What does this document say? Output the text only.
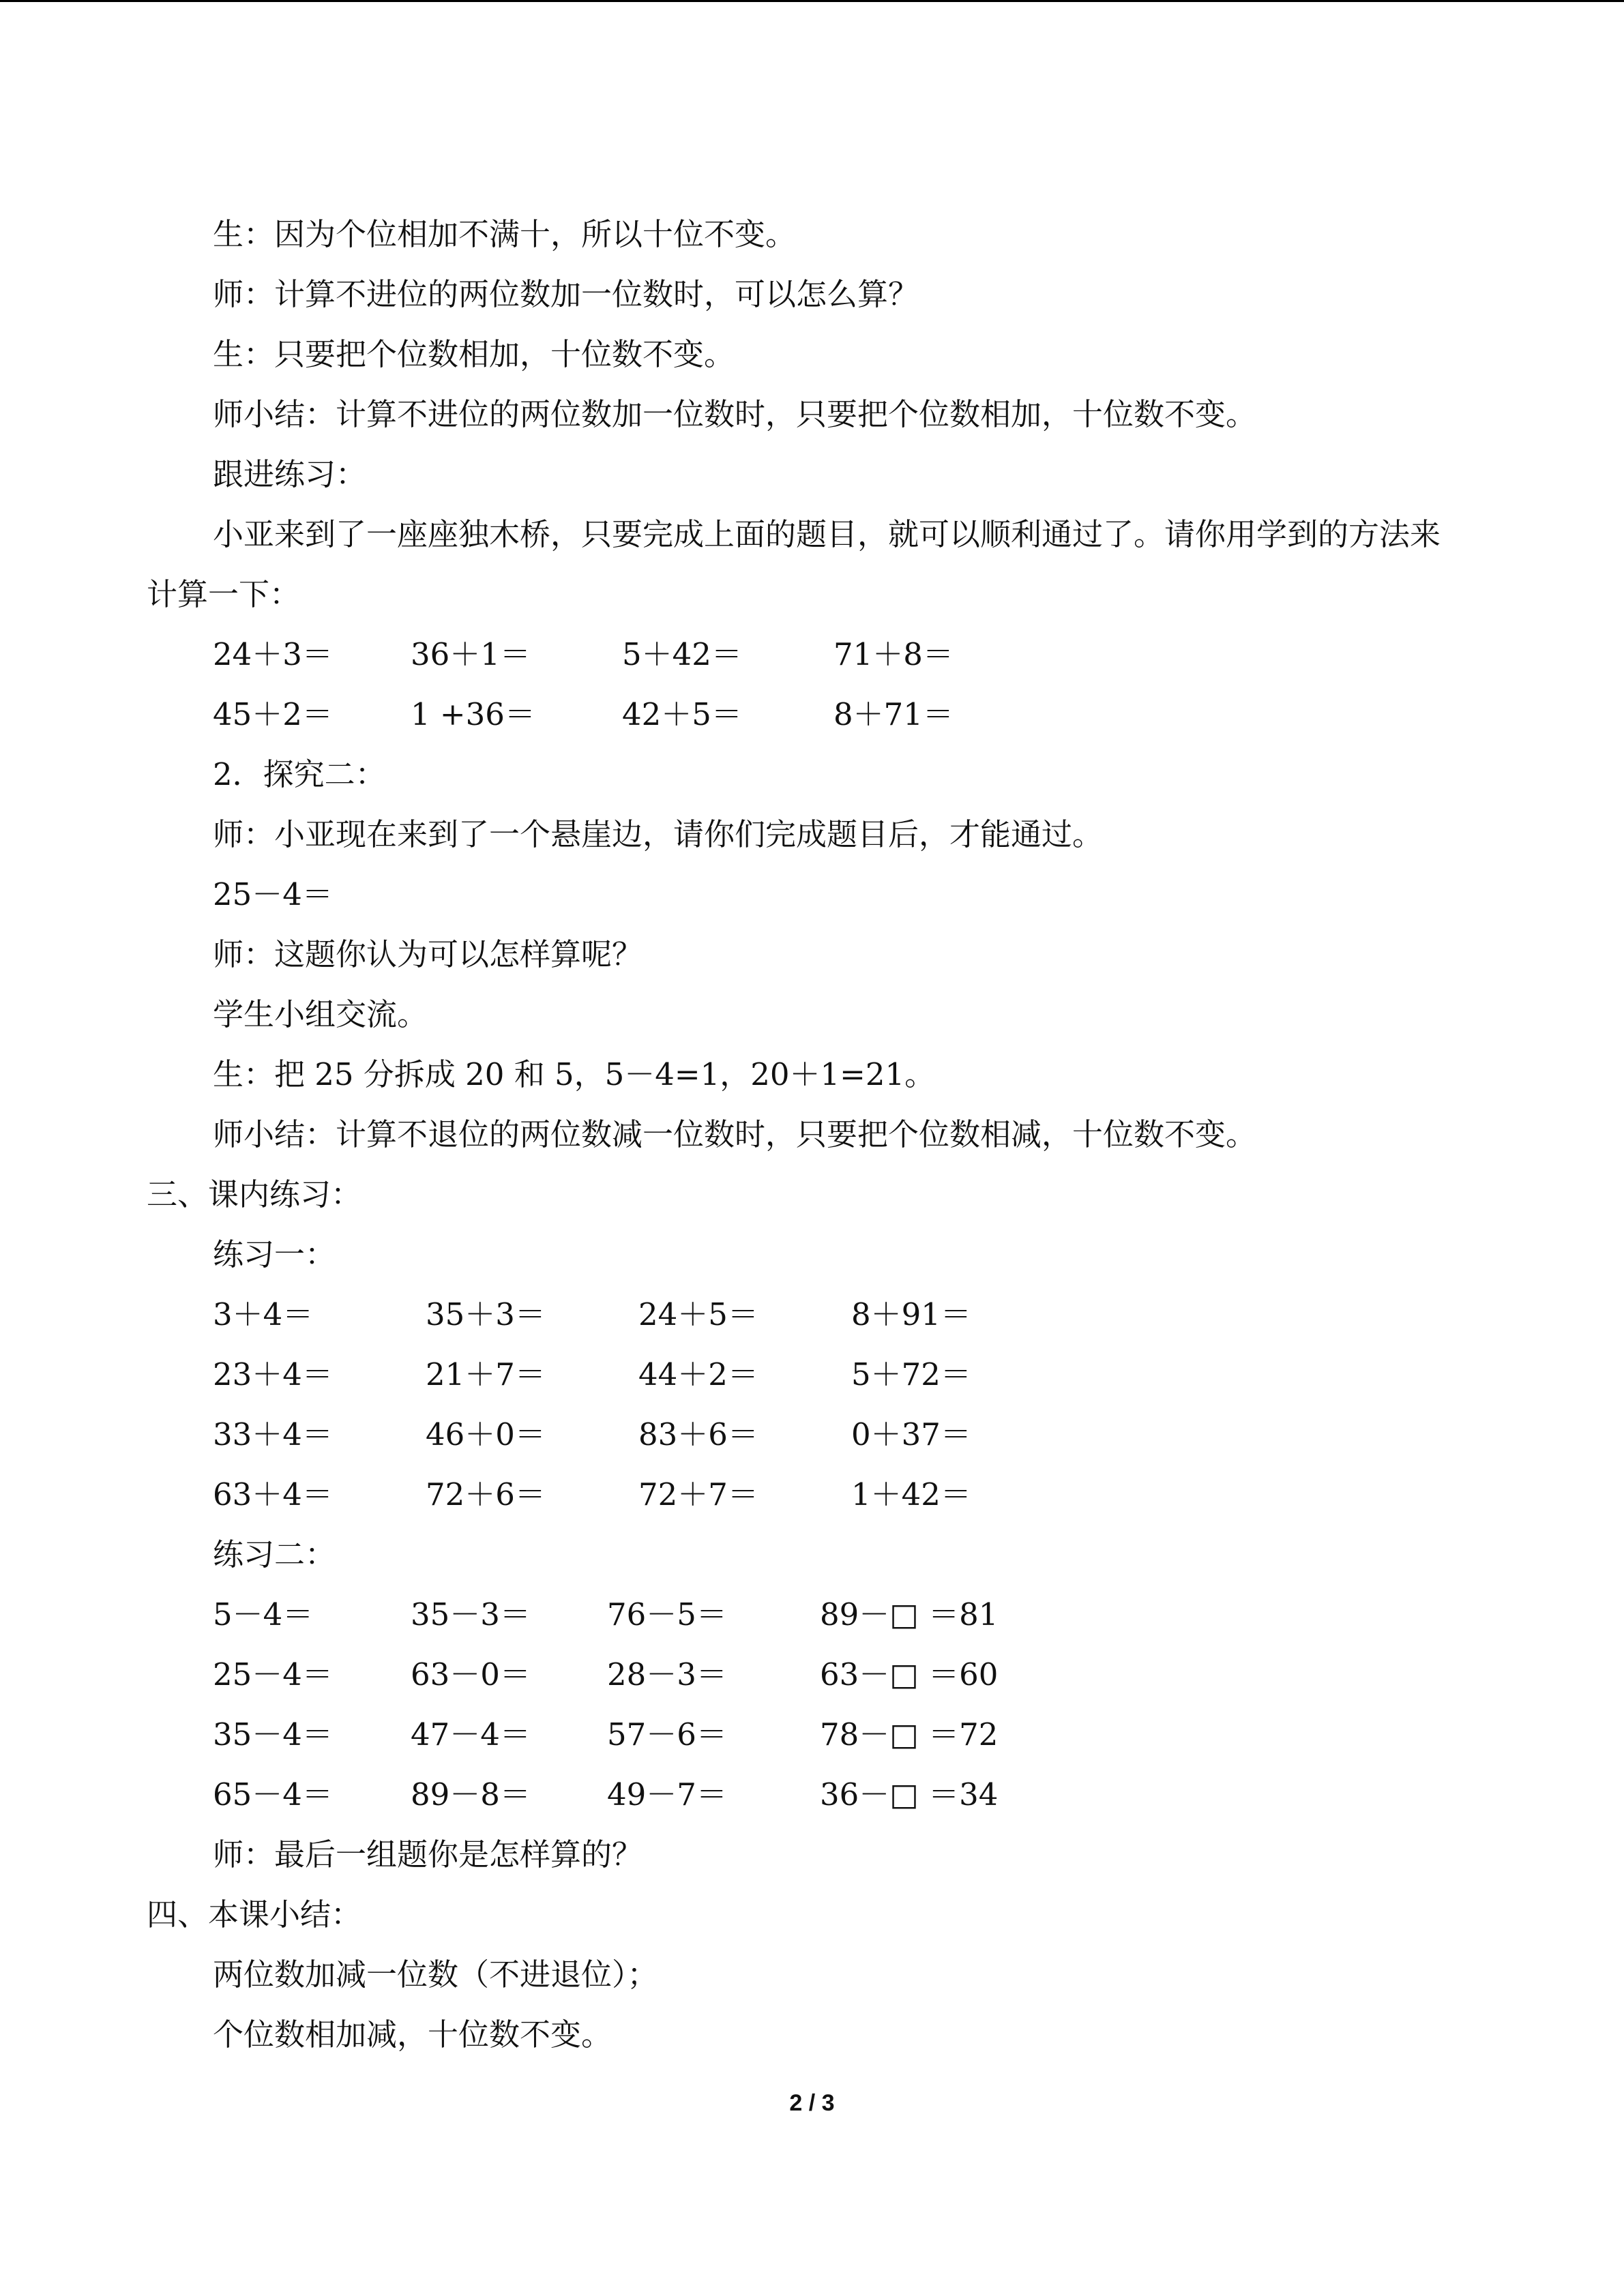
生：因为个位相加不满十，所以十位不变。
师：计算不进位的两位数加一位数时，可以怎么算？
生：只要把个位数相加，十位数不变。
师小结：计算不进位的两位数加一位数时，只要把个位数相加，十位数不变。
跟进练习：
小亚来到了一座座独木桥，只要完成上面的题目，就可以顺利通过了。请你用学到的方法来计算一下：
24＋3＝	36＋1＝	5＋42＝	71＋8＝
45＋2＝	1 +36＝	42＋5＝	8＋71＝
2．探究二：
师：小亚现在来到了一个悬崖边，请你们完成题目后，才能通过。
25－4＝
师：这题你认为可以怎样算呢？
学生小组交流。
生：把 25 分拆成 20 和 5，5－4=1，20＋1=21。
师小结：计算不退位的两位数减一位数时，只要把个位数相减，十位数不变。
三、课内练习：
练习一：
3＋4＝	35＋3＝	24＋5＝	8＋91＝
23＋4＝	21＋7＝	44＋2＝	5＋72＝
33＋4＝	46＋0＝	83＋6＝	0＋37＝
63＋4＝	72＋6＝	72＋7＝	1＋42＝
练习二：
5－4＝	35－3＝	76－5＝	89－□ ＝81
25－4＝	63－0＝	28－3＝	63－□ ＝60
35－4＝	47－4＝	57－6＝	78－□ ＝72
65－4＝	89－8＝	49－7＝	36－□ ＝34
师：最后一组题你是怎样算的？
四、本课小结：
两位数加减一位数（不进退位）；
个位数相加减，十位数不变。
2 / 3
